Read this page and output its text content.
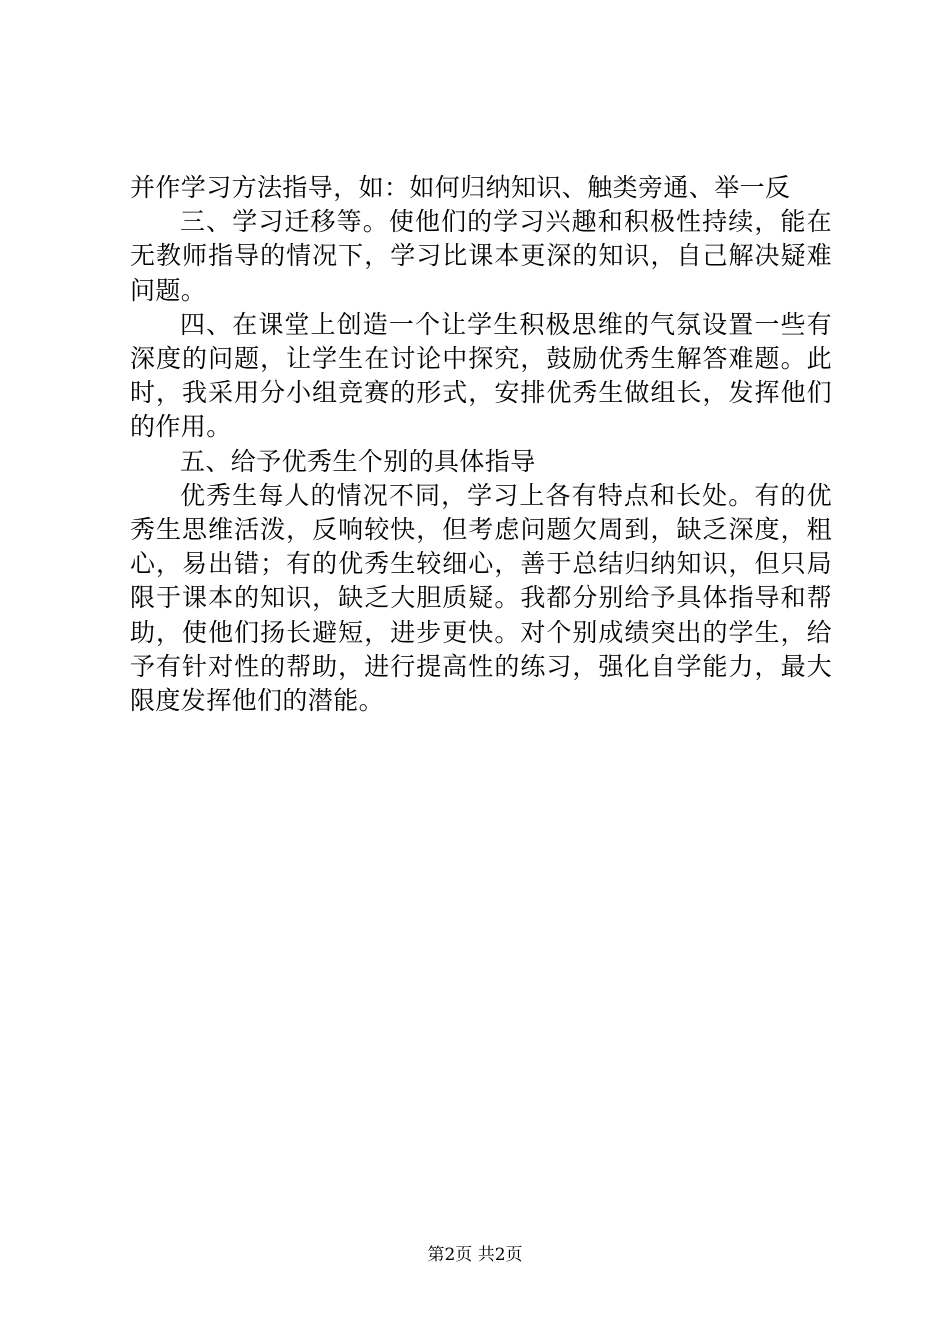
并作学习方法指导，如：如何归纳知识、触类旁通、举一反

三、学习迁移等。使他们的学习兴趣和积极性持续，能在无教师指导的情况下，学习比课本更深的知识，自己解决疑难问题。

四、在课堂上创造一个让学生积极思维的气氛设置一些有深度的问题，让学生在讨论中探究，鼓励优秀生解答难题。此时，我采用分小组竞赛的形式，安排优秀生做组长，发挥他们的作用。

五、给予优秀生个别的具体指导

优秀生每人的情况不同，学习上各有特点和长处。有的优秀生思维活泼，反响较快，但考虑问题欠周到，缺乏深度，粗心，易出错；有的优秀生较细心，善于总结归纳知识，但只局限于课本的知识，缺乏大胆质疑。我都分别给予具体指导和帮助，使他们扬长避短，进步更快。对个别成绩突出的学生，给予有针对性的帮助，进行提高性的练习，强化自学能力，最大限度发挥他们的潜能。

第2页 共2页
